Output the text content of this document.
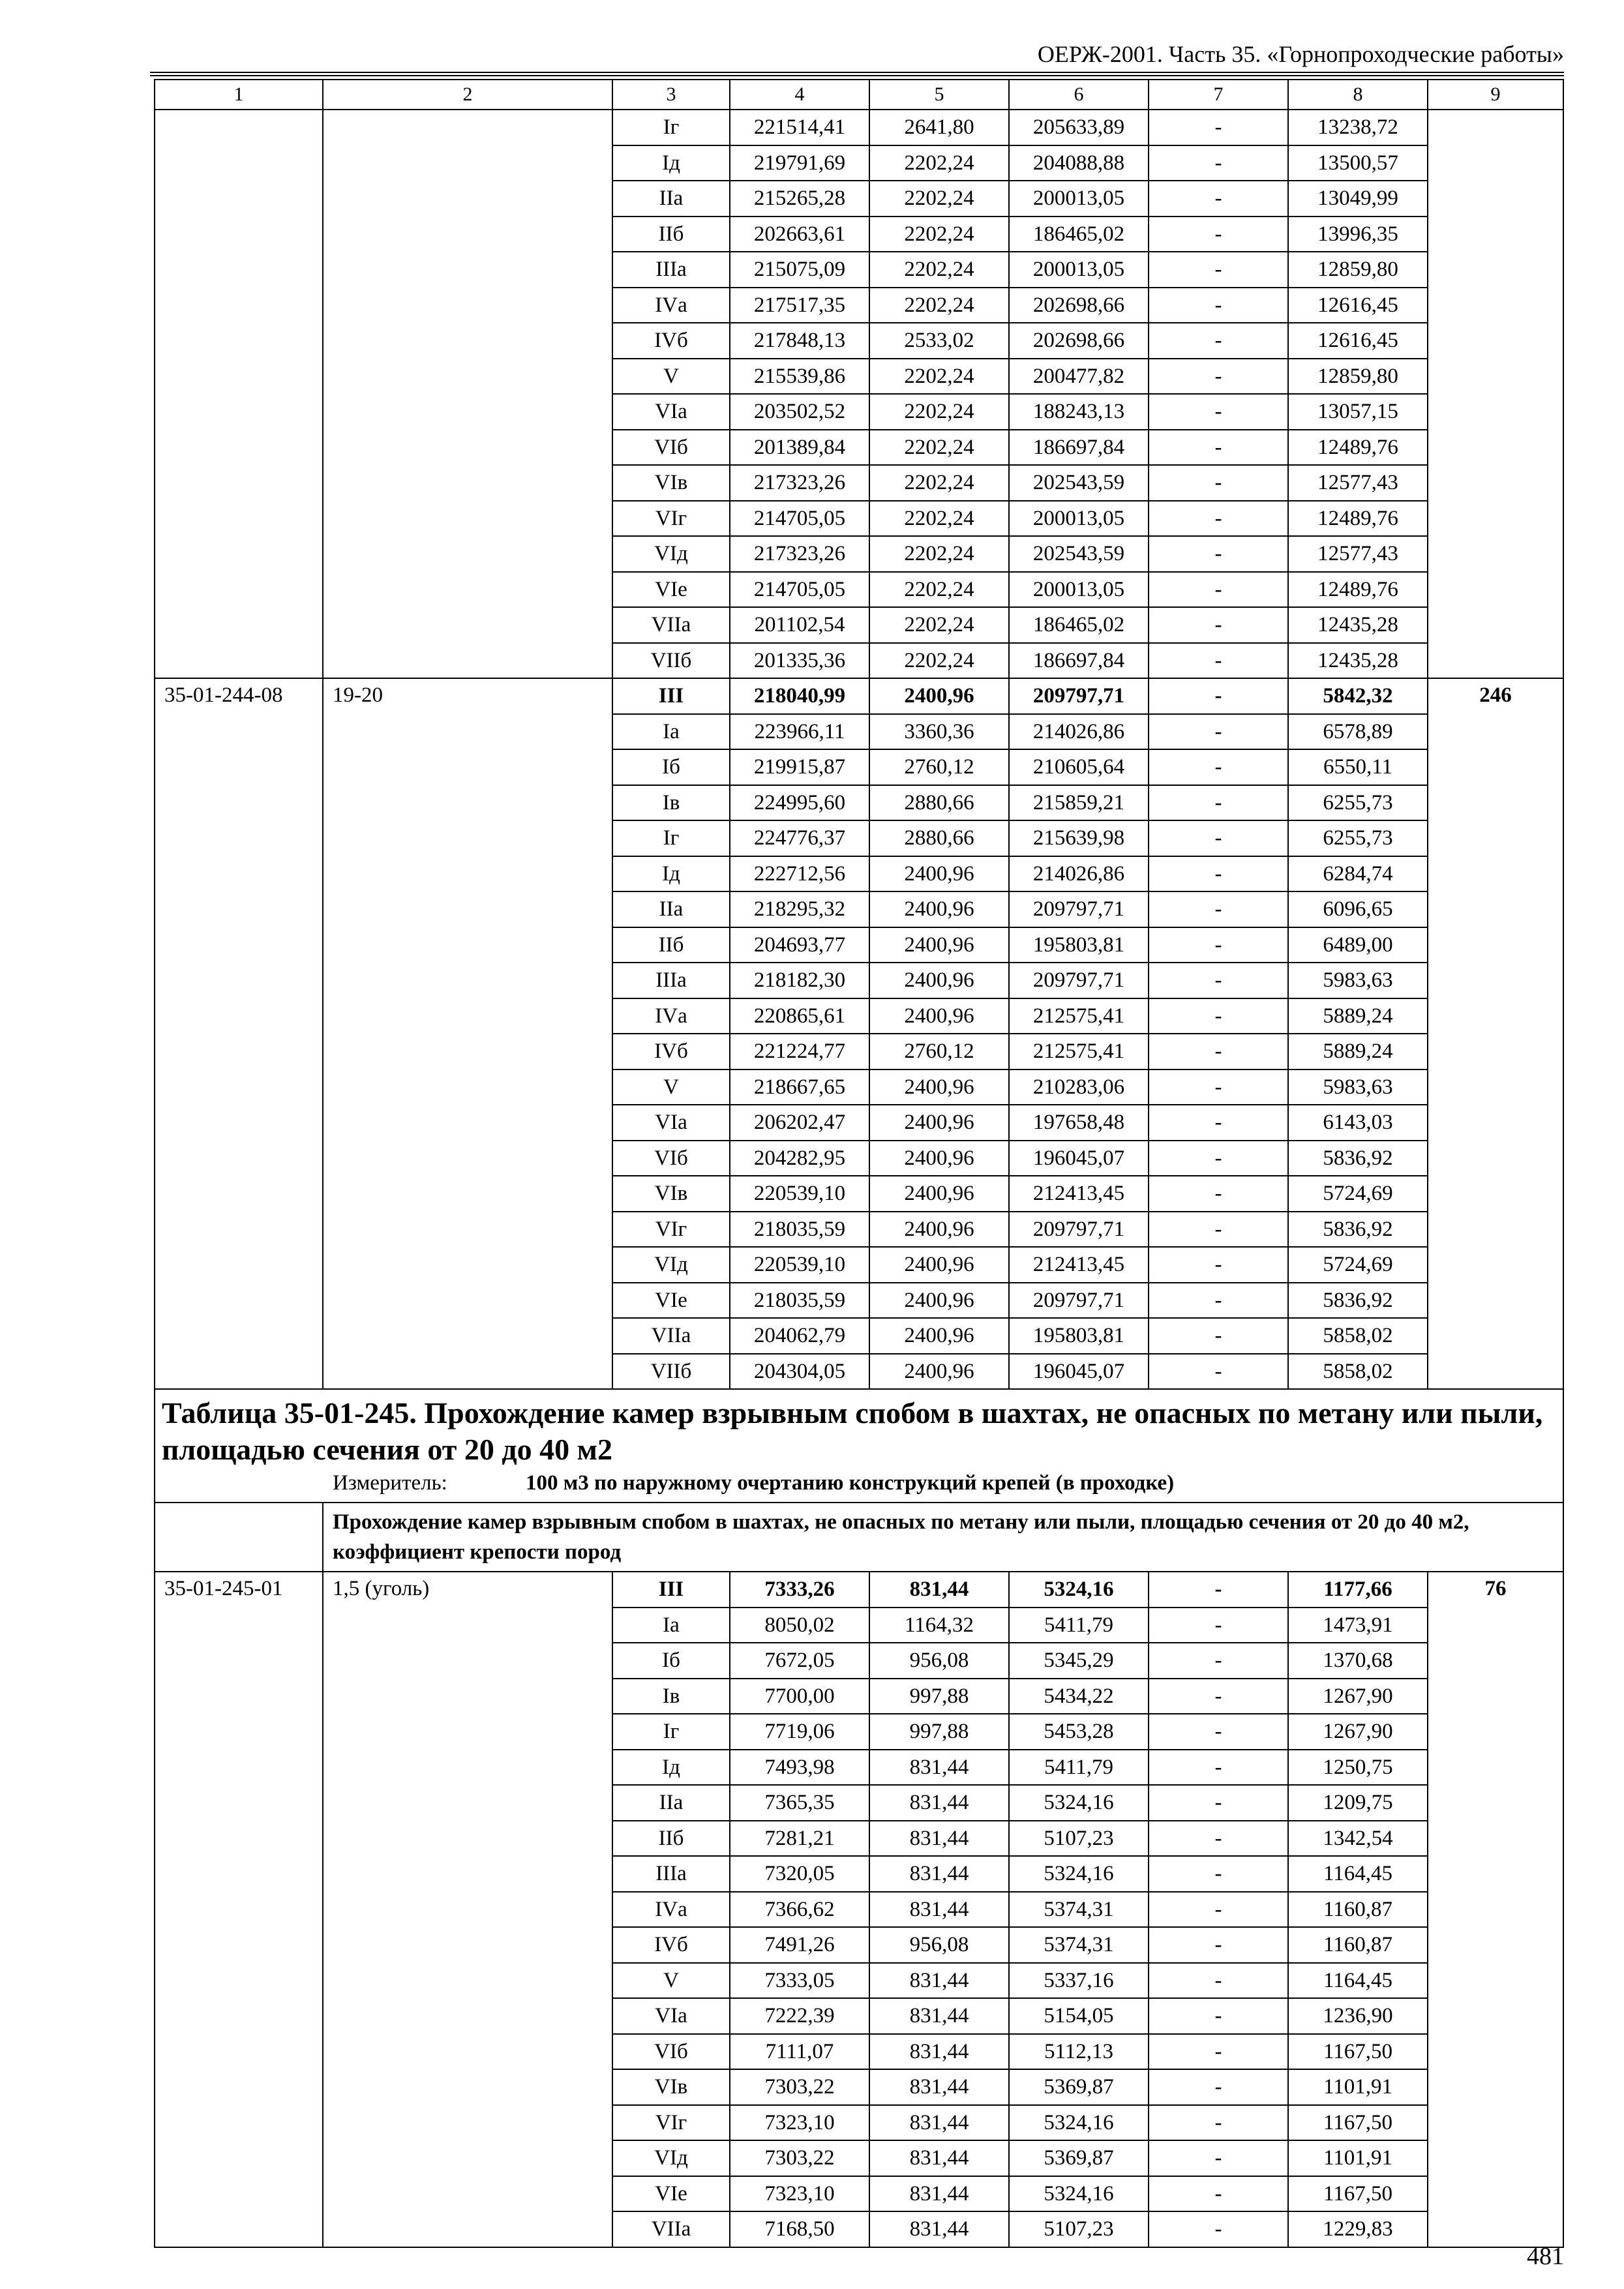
ОЕРЖ-2001. Часть 35. «Горнопроходческие работы»
1	2	3	4	5	6	7	8	9
		Iг	221514,41	2641,80	205633,89	-	13238,72	
		Iд	219791,69	2202,24	204088,88	-	13500,57	
		IIа	215265,28	2202,24	200013,05	-	13049,99	
		IIб	202663,61	2202,24	186465,02	-	13996,35	
		IIIа	215075,09	2202,24	200013,05	-	12859,80	
		IVа	217517,35	2202,24	202698,66	-	12616,45	
		IVб	217848,13	2533,02	202698,66	-	12616,45	
		V	215539,86	2202,24	200477,82	-	12859,80	
		VIа	203502,52	2202,24	188243,13	-	13057,15	
		VIб	201389,84	2202,24	186697,84	-	12489,76	
		VIв	217323,26	2202,24	202543,59	-	12577,43	
		VIг	214705,05	2202,24	200013,05	-	12489,76	
		VIд	217323,26	2202,24	202543,59	-	12577,43	
		VIе	214705,05	2202,24	200013,05	-	12489,76	
		VIIа	201102,54	2202,24	186465,02	-	12435,28	
		VIIб	201335,36	2202,24	186697,84	-	12435,28	
35-01-244-08	19-20	III	218040,99	2400,96	209797,71	-	5842,32	246
		Iа	223966,11	3360,36	214026,86	-	6578,89	
		Iб	219915,87	2760,12	210605,64	-	6550,11	
		Iв	224995,60	2880,66	215859,21	-	6255,73	
		Iг	224776,37	2880,66	215639,98	-	6255,73	
		Iд	222712,56	2400,96	214026,86	-	6284,74	
		IIа	218295,32	2400,96	209797,71	-	6096,65	
		IIб	204693,77	2400,96	195803,81	-	6489,00	
		IIIа	218182,30	2400,96	209797,71	-	5983,63	
		IVа	220865,61	2400,96	212575,41	-	5889,24	
		IVб	221224,77	2760,12	212575,41	-	5889,24	
		V	218667,65	2400,96	210283,06	-	5983,63	
		VIа	206202,47	2400,96	197658,48	-	6143,03	
		VIб	204282,95	2400,96	196045,07	-	5836,92	
		VIв	220539,10	2400,96	212413,45	-	5724,69	
		VIг	218035,59	2400,96	209797,71	-	5836,92	
		VIд	220539,10	2400,96	212413,45	-	5724,69	
		VIе	218035,59	2400,96	209797,71	-	5836,92	
		VIIа	204062,79	2400,96	195803,81	-	5858,02	
		VIIб	204304,05	2400,96	196045,07	-	5858,02	

Таблица 35-01-245. Прохождение камер взрывным спобом в шахтах, не опасных по метану или пыли, площадью сечения от 20 до 40 м2
Измеритель: 100 м3 по наружному очертанию конструкций крепей (в проходке)								

	Прохождение камер взрывным спобом в шахтах, не опасных по метану или пыли, площадью сечения от 20 до 40 м2, коэффициент крепости пород							
35-01-245-01	1,5 (уголь)	III	7333,26	831,44	5324,16	-	1177,66	76
		Iа	8050,02	1164,32	5411,79	-	1473,91	
		Iб	7672,05	956,08	5345,29	-	1370,68	
		Iв	7700,00	997,88	5434,22	-	1267,90	
		Iг	7719,06	997,88	5453,28	-	1267,90	
		Iд	7493,98	831,44	5411,79	-	1250,75	
		IIа	7365,35	831,44	5324,16	-	1209,75	
		IIб	7281,21	831,44	5107,23	-	1342,54	
		IIIа	7320,05	831,44	5324,16	-	1164,45	
		IVа	7366,62	831,44	5374,31	-	1160,87	
		IVб	7491,26	956,08	5374,31	-	1160,87	
		V	7333,05	831,44	5337,16	-	1164,45	
		VIа	7222,39	831,44	5154,05	-	1236,90	
		VIб	7111,07	831,44	5112,13	-	1167,50	
		VIв	7303,22	831,44	5369,87	-	1101,91	
		VIг	7323,10	831,44	5324,16	-	1167,50	
		VIд	7303,22	831,44	5369,87	-	1101,91	
		VIе	7323,10	831,44	5324,16	-	1167,50	
		VIIа	7168,50	831,44	5107,23	-	1229,83	
481
